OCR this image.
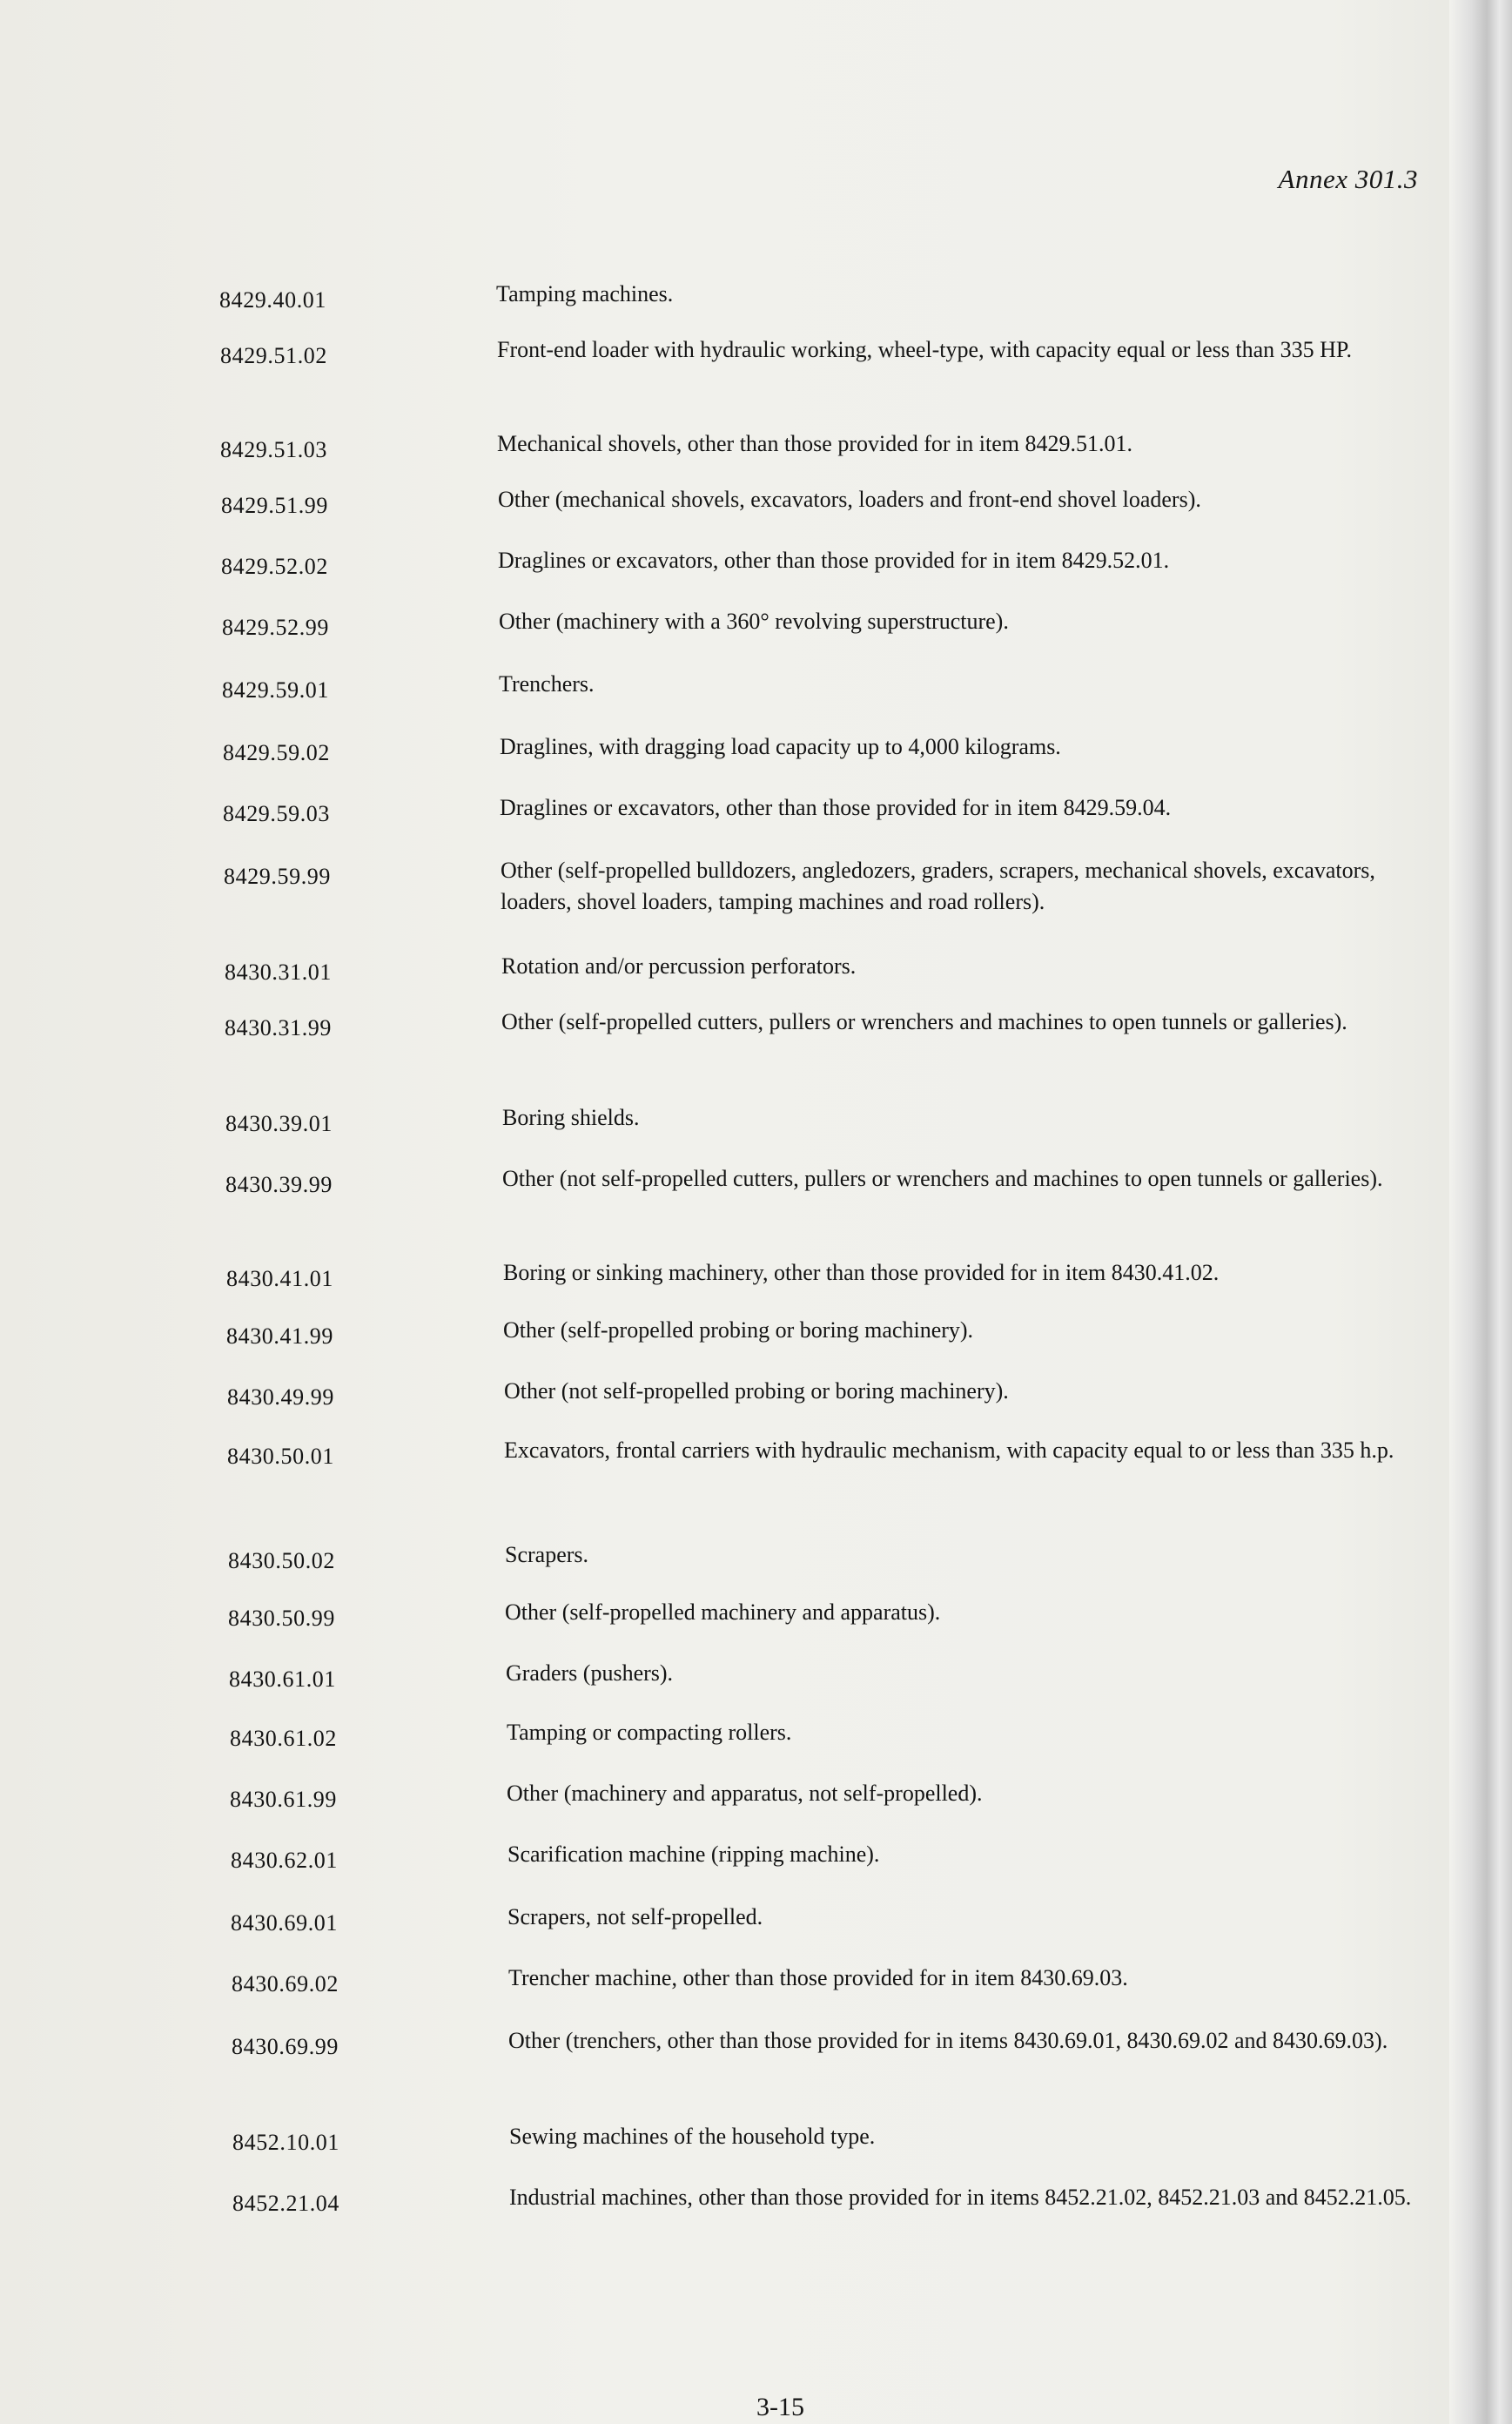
Annex 301.3
8429.40.01	Tamping machines.
8429.51.02	Front-end loader with hydraulic working, wheel-type, with capacity equal or less than 335 HP.
8429.51.03	Mechanical shovels, other than those provided for in item 8429.51.01.
8429.51.99	Other (mechanical shovels, excavators, loaders and front-end shovel loaders).
8429.52.02	Draglines or excavators, other than those provided for in item 8429.52.01.
8429.52.99	Other (machinery with a 360° revolving superstructure).
8429.59.01	Trenchers.
8429.59.02	Draglines, with dragging load capacity up to 4,000 kilograms.
8429.59.03	Draglines or excavators, other than those provided for in item 8429.59.04.
8429.59.99	Other (self-propelled bulldozers, angledozers, graders, scrapers, mechanical shovels, excavators, loaders, shovel loaders, tamping machines and road rollers).
8430.31.01	Rotation and/or percussion perforators.
8430.31.99	Other (self-propelled cutters, pullers or wrenchers and machines to open tunnels or galleries).
8430.39.01	Boring shields.
8430.39.99	Other (not self-propelled cutters, pullers or wrenchers and machines to open tunnels or galleries).
8430.41.01	Boring or sinking machinery, other than those provided for in item 8430.41.02.
8430.41.99	Other (self-propelled probing or boring machinery).
8430.49.99	Other (not self-propelled probing or boring machinery).
8430.50.01	Excavators, frontal carriers with hydraulic mechanism, with capacity equal to or less than 335 h.p.
8430.50.02	Scrapers.
8430.50.99	Other (self-propelled machinery and apparatus).
8430.61.01	Graders (pushers).
8430.61.02	Tamping or compacting rollers.
8430.61.99	Other (machinery and apparatus, not self-propelled).
8430.62.01	Scarification machine (ripping machine).
8430.69.01	Scrapers, not self-propelled.
8430.69.02	Trencher machine, other than those provided for in item 8430.69.03.
8430.69.99	Other (trenchers, other than those provided for in items 8430.69.01, 8430.69.02 and 8430.69.03).
8452.10.01	Sewing machines of the household type.
8452.21.04	Industrial machines, other than those provided for in items 8452.21.02, 8452.21.03 and 8452.21.05.
3-15
